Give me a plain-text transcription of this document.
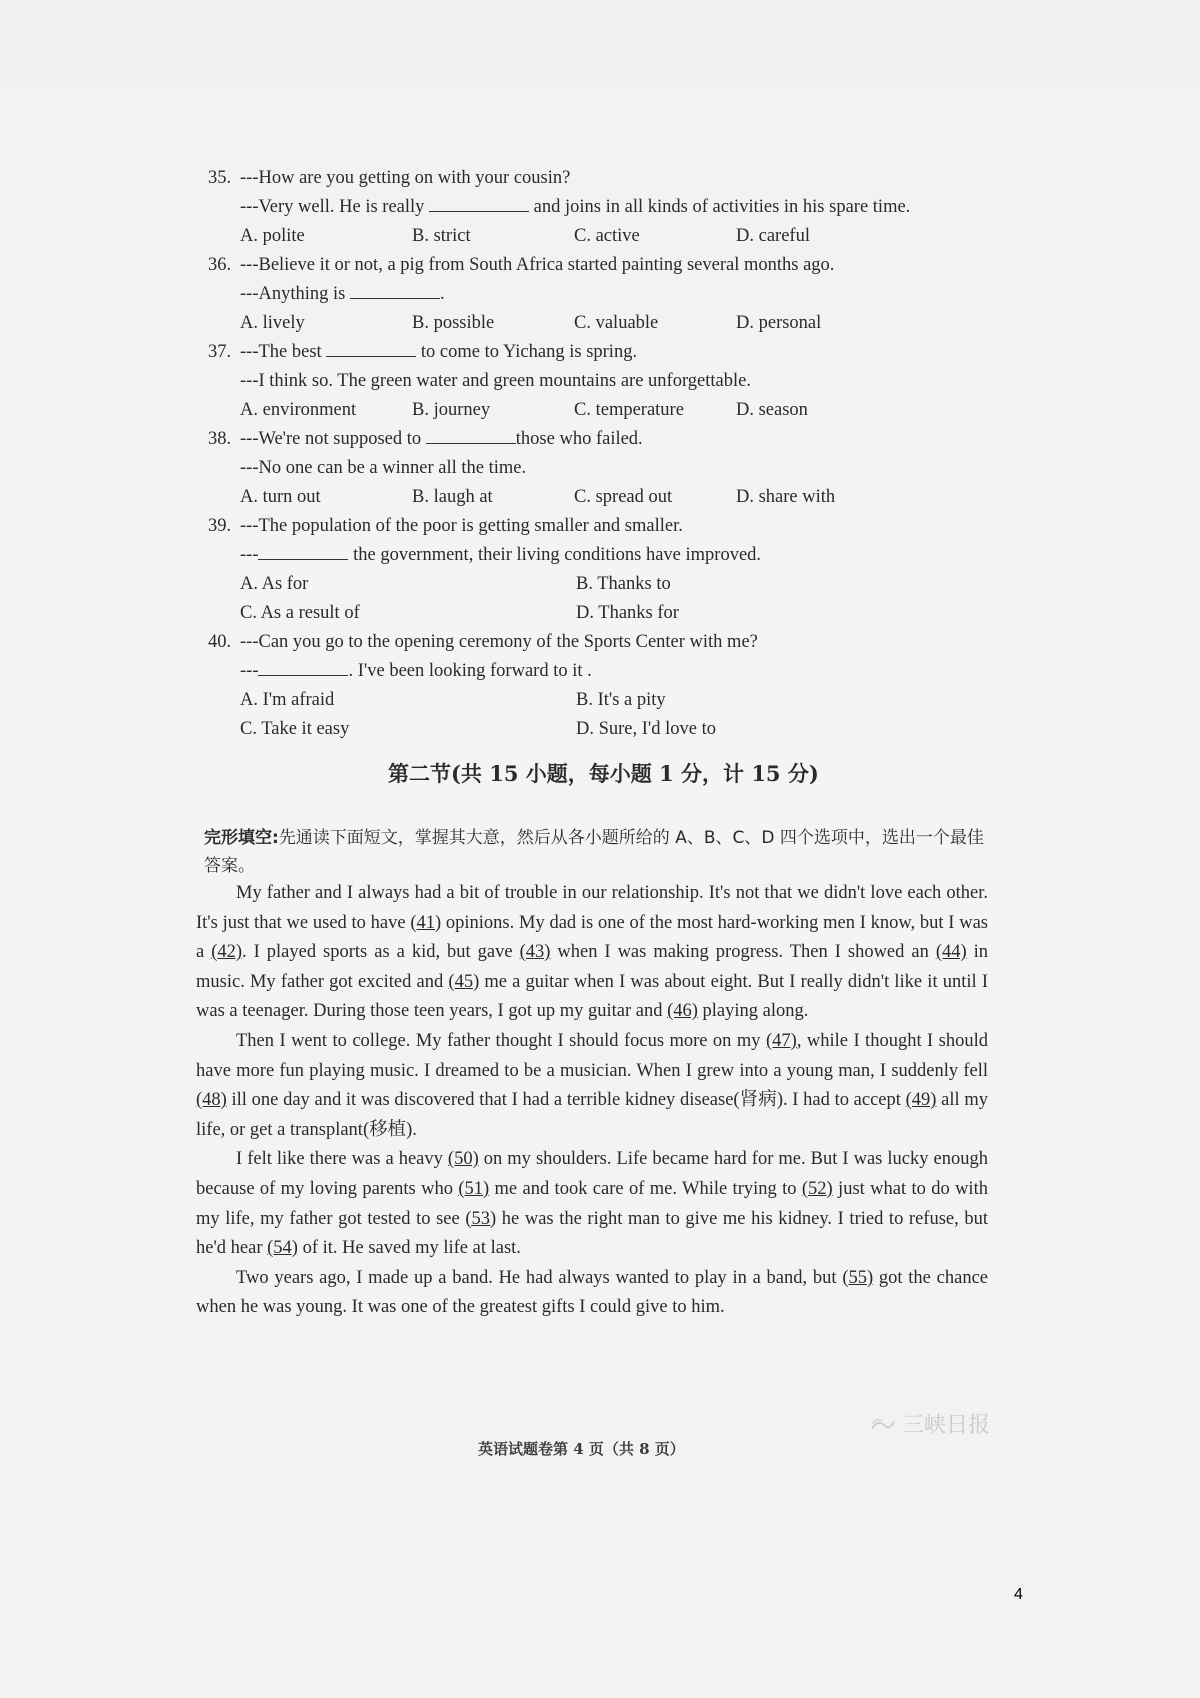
35. ---How are you getting on with your cousin?
---Very well. He is really	and joins in all kinds of activities in his spare time.
A. polite	B. strict	C. active	D. careful
36. ---Believe it or not, a pig from South Africa started painting several months ago.
---Anything is	.
A. lively	B. possible	C. valuable	D. personal
37. ---The best	to come to Yichang is spring.
---I think so. The green water and green mountains are unforgettable.
A. environment	B. journey	C. temperature	D. season
38. ---We're not supposed to	those who failed.
---No one can be a winner all the time.
A. turn out	B. laugh at	C. spread out	D. share with
39. ---The population of the poor is getting smaller and smaller.
---	the government, their living conditions have improved.
A. As for	B. Thanks to
C. As a result of	D. Thanks for
40. ---Can you go to the opening ceremony of the Sports Center with me?
---	. I've been looking forward to it .
A. I'm afraid	B. It's a pity
C. Take it easy	D. Sure, I'd love to
第二节(共 15 小题，每小题 1 分，计 15 分)
完形填空:先通读下面短文，掌握其大意，然后从各小题所给的 A、B、C、D 四个选项中，选出一个最佳答案。

My father and I always had a bit of trouble in our relationship. It's not that we didn't love each other. It's just that we used to have (41) opinions. My dad is one of the most hard-working men I know, but I was a (42). I played sports as a kid, but gave (43) when I was making progress. Then I showed an (44) in music. My father got excited and (45) me a guitar when I was about eight. But I really didn't like it until I was a teenager. During those teen years, I got up my guitar and (46) playing along.

Then I went to college. My father thought I should focus more on my (47), while I thought I should have more fun playing music. I dreamed to be a musician. When I grew into a young man, I suddenly fell (48) ill one day and it was discovered that I had a terrible kidney disease(肾病). I had to accept (49) all my life, or get a transplant(移植).

I felt like there was a heavy (50) on my shoulders. Life became hard for me. But I was lucky enough because of my loving parents who (51) me and took care of me. While trying to (52) just what to do with my life, my father got tested to see (53) he was the right man to give me his kidney. I tried to refuse, but he'd hear (54) of it. He saved my life at last.

Two years ago, I made up a band. He had always wanted to play in a band, but (55) got the chance when he was young. It was one of the greatest gifts I could give to him.

三峡日报
英语试题卷第 4 页（共 8 页）
4
